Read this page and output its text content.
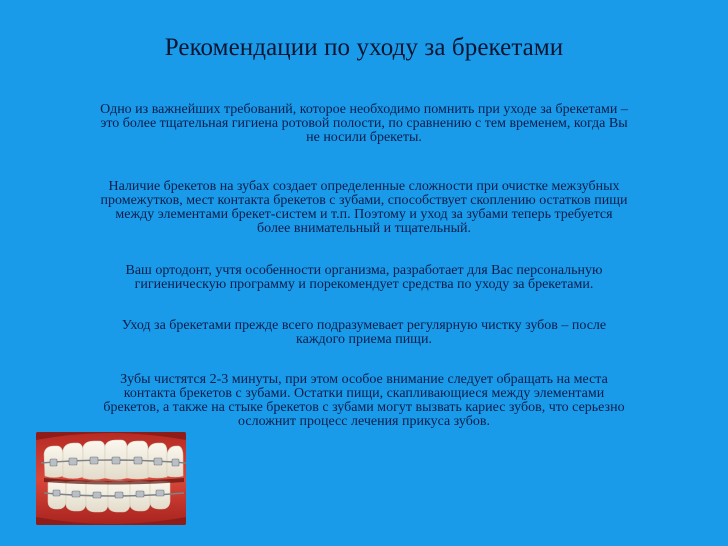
Рекомендации по уходу за брекетами
Одно из важнейших требований, которое необходимо помнить при уходе за брекетами –
это более тщательная гигиена ротовой полости, по сравнению с тем временем, когда Вы
не носили брекеты.
Наличие брекетов на зубах создает определенные сложности при очистке межзубных
промежутков, мест контакта брекетов с зубами, способствует скоплению остатков пищи
между элементами брекет-систем и т.п. Поэтому и уход за зубами теперь требуется
более внимательный и тщательный.
Ваш ортодонт, учтя особенности организма, разработает для Вас персональную
гигиеническую программу и порекомендует средства по уходу за брекетами.
Уход за брекетами прежде всего подразумевает регулярную чистку зубов – после
каждого приема пищи.
Зубы чистятся 2-3 минуты, при этом особое внимание следует обращать на места
контакта брекетов с зубами. Остатки пищи, скапливающиеся между элементами
брекетов, а также на стыке брекетов с зубами могут вызвать кариес зубов, что серьезно
осложнит процесс лечения прикуса зубов.
